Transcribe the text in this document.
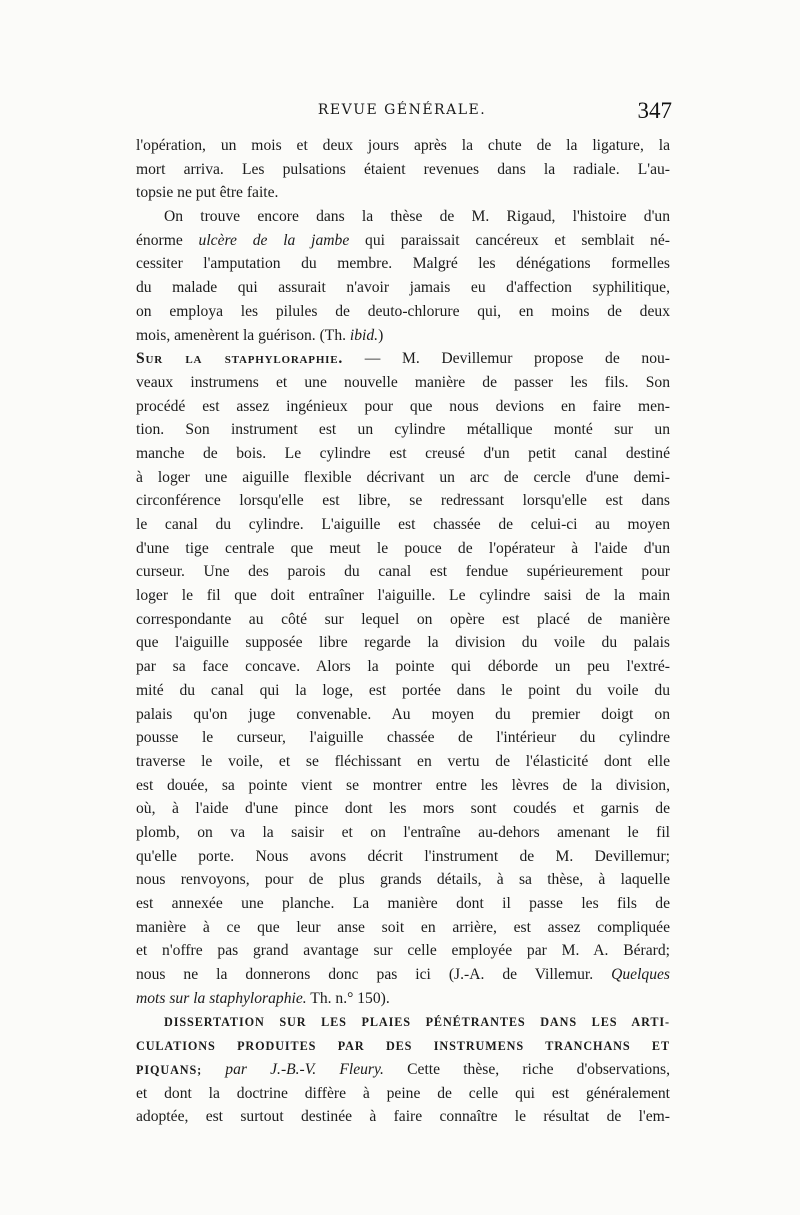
REVUE GÉNÉRALE.	347
l'opération, un mois et deux jours après la chute de la ligature, la
mort arriva. Les pulsations étaient revenues dans la radiale. L'au-
topsie ne put être faite.
On trouve encore dans la thèse de M. Rigaud, l'histoire d'un
énorme ulcère de la jambe qui paraissait cancéreux et semblait né-
cessiter l'amputation du membre. Malgré les dénégations formelles
du malade qui assurait n'avoir jamais eu d'affection syphilitique,
on employa les pilules de deuto-chlorure qui, en moins de deux
mois, amenèrent la guérison. (Th. ibid.)
Sur la staphyloraphie. — M. Devillemur propose de nou-
veaux instrumens et une nouvelle manière de passer les fils. Son
procédé est assez ingénieux pour que nous devions en faire men-
tion. Son instrument est un cylindre métallique monté sur un
manche de bois. Le cylindre est creusé d'un petit canal destiné
à loger une aiguille flexible décrivant un arc de cercle d'une demi-
circonférence lorsqu'elle est libre, se redressant lorsqu'elle est dans
le canal du cylindre. L'aiguille est chassée de celui-ci au moyen
d'une tige centrale que meut le pouce de l'opérateur à l'aide d'un
curseur. Une des parois du canal est fendue supérieurement pour
loger le fil que doit entraîner l'aiguille. Le cylindre saisi de la main
correspondante au côté sur lequel on opère est placé de manière
que l'aiguille supposée libre regarde la division du voile du palais
par sa face concave. Alors la pointe qui déborde un peu l'extré-
mité du canal qui la loge, est portée dans le point du voile du
palais qu'on juge convenable. Au moyen du premier doigt on
pousse le curseur, l'aiguille chassée de l'intérieur du cylindre
traverse le voile, et se fléchissant en vertu de l'élasticité dont elle
est douée, sa pointe vient se montrer entre les lèvres de la division,
où, à l'aide d'une pince dont les mors sont coudés et garnis de
plomb, on va la saisir et on l'entraîne au-dehors amenant le fil
qu'elle porte. Nous avons décrit l'instrument de M. Devillemur;
nous renvoyons, pour de plus grands détails, à sa thèse, à laquelle
est annexée une planche. La manière dont il passe les fils de
manière à ce que leur anse soit en arrière, est assez compliquée
et n'offre pas grand avantage sur celle employée par M. A. Bérard;
nous ne la donnerons donc pas ici (J.-A. de Villemur. Quelques
mots sur la staphyloraphie. Th. n.° 150).
DISSERTATION SUR LES PLAIES PÉNÉTRANTES DANS LES ARTI-
CULATIONS PRODUITES PAR DES INSTRUMENS TRANCHANS ET
PIQUANS; par J.-B.-V. Fleury. Cette thèse, riche d'observations,
et dont la doctrine diffère à peine de celle qui est généralement
adoptée, est surtout destinée à faire connaître le résultat de l'em-
